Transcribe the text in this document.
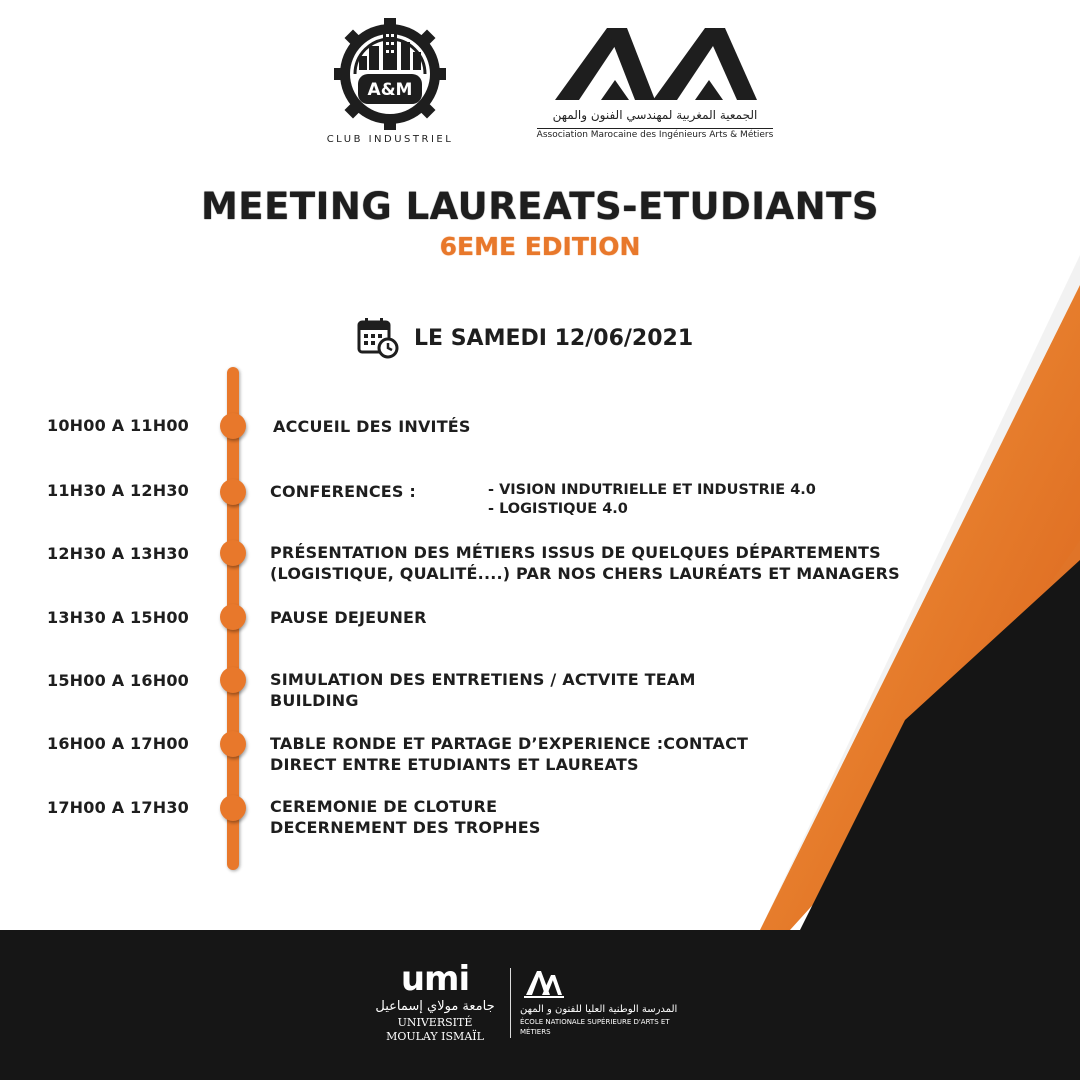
A&M
CLUB INDUSTRIEL
الجمعية المغربية لمهندسي الفنون والمهن
Association Marocaine des Ingénieurs Arts & Métiers
MEETING LAUREATS-ETUDIANTS
6EME EDITION
LE SAMEDI 12/06/2021
10H00 A 11H00	ACCUEIL DES INVITÉS
11H30 A 12H30	CONFERENCES :	- VISION INDUTRIELLE ET INDUSTRIE 4.0
- LOGISTIQUE 4.0
12H30 A 13H30	PRÉSENTATION DES MÉTIERS ISSUS DE QUELQUES DÉPARTEMENTS
(LOGISTIQUE, QUALITÉ....) PAR NOS CHERS LAURÉATS ET MANAGERS
13H30 A 15H00	PAUSE DEJEUNER
15H00 A 16H00	SIMULATION DES ENTRETIENS / ACTVITE TEAM
BUILDING
16H00 A 17H00	TABLE RONDE ET PARTAGE D’EXPERIENCE :CONTACT
DIRECT ENTRE ETUDIANTS ET LAUREATS
17H00 A 17H30	CEREMONIE DE CLOTURE
DECERNEMENT DES TROPHES
umi
جامعة مولاي إسماعيل
UNIVERSITÉ MOULAY ISMAÏL
المدرسة الوطنية العليا للفنون و المهن
ÉCOLE NATIONALE SUPÉRIEURE D'ARTS ET MÉTIERS
